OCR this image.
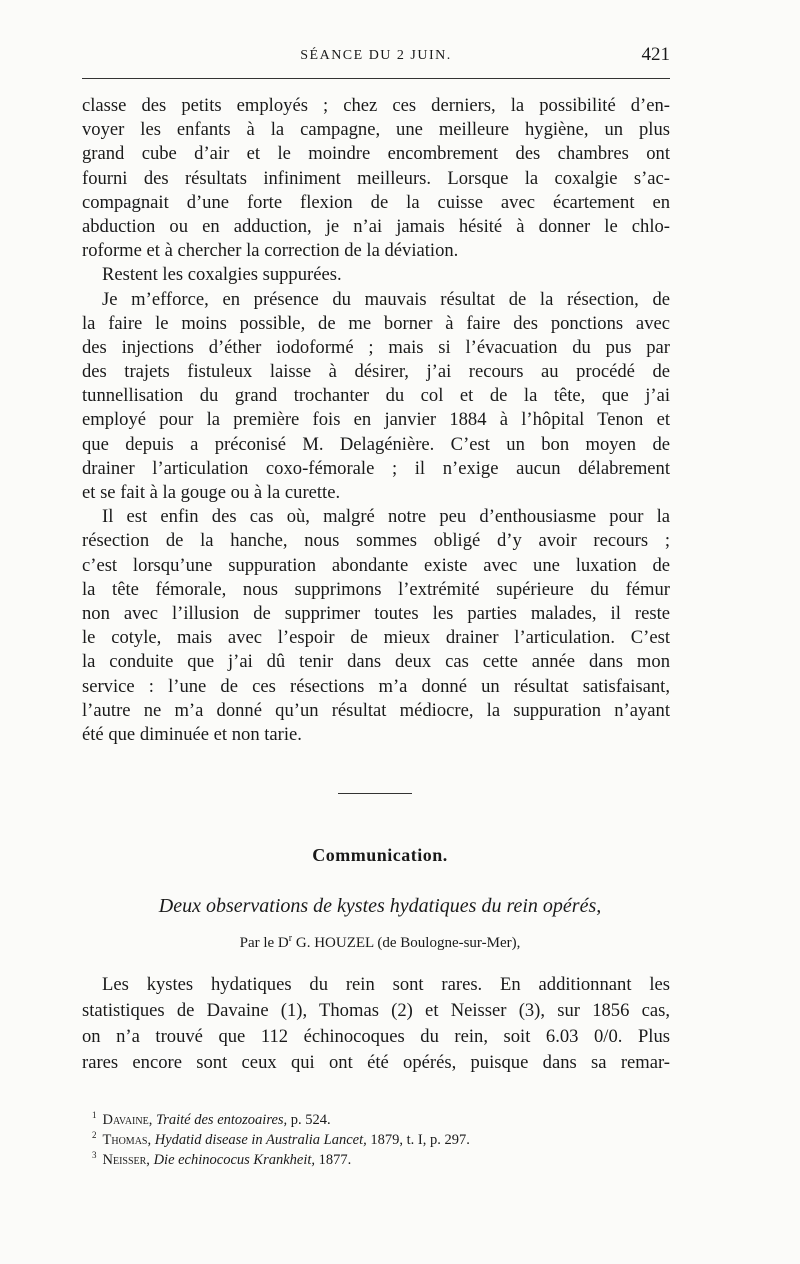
SÉANCE DU 2 JUIN.	421
classe des petits employés ; chez ces derniers, la possibilité d’en-
voyer les enfants à la campagne, une meilleure hygiène, un plus
grand cube d’air et le moindre encombrement des chambres ont
fourni des résultats infiniment meilleurs. Lorsque la coxalgie s’ac-
compagnait d’une forte flexion de la cuisse avec écartement en
abduction ou en adduction, je n’ai jamais hésité à donner le chlo-
roforme et à chercher la correction de la déviation.
Restent les coxalgies suppurées.
Je m’efforce, en présence du mauvais résultat de la résection, de
la faire le moins possible, de me borner à faire des ponctions avec
des injections d’éther iodoformé ; mais si l’évacuation du pus par
des trajets fistuleux laisse à désirer, j’ai recours au procédé de
tunnellisation du grand trochanter du col et de la tête, que j’ai
employé pour la première fois en janvier 1884 à l’hôpital Tenon et
que depuis a préconisé M. Delagénière. C’est un bon moyen de
drainer l’articulation coxo-fémorale ; il n’exige aucun délabrement
et se fait à la gouge ou à la curette.
Il est enfin des cas où, malgré notre peu d’enthousiasme pour la
résection de la hanche, nous sommes obligé d’y avoir recours ;
c’est lorsqu’une suppuration abondante existe avec une luxation de
la tête fémorale, nous supprimons l’extrémité supérieure du fémur
non avec l’illusion de supprimer toutes les parties malades, il reste
le cotyle, mais avec l’espoir de mieux drainer l’articulation. C’est
la conduite que j’ai dû tenir dans deux cas cette année dans mon
service : l’une de ces résections m’a donné un résultat satisfaisant,
l’autre ne m’a donné qu’un résultat médiocre, la suppuration n’ayant
été que diminuée et non tarie.
Communication.
Deux observations de kystes hydatiques du rein opérés,
Par le $D^r$ G. HOUZEL (de Boulogne-sur-Mer),
Les kystes hydatiques du rein sont rares. En additionnant les
statistiques de Davaine (1), Thomas (2) et Neisser (3), sur 1856 cas,
on n’a trouvé que 112 échinocoques du rein, soit 6.03 0/0. Plus
rares encore sont ceux qui ont été opérés, puisque dans sa remar-
$^1$ Davaine, Traité des entozoaires, p. 524.
$^2$ Thomas, Hydatid disease in Australia Lancet, 1879, t. I, p. 297.
$^3$ Neisser, Die echinococus Krankheit, 1877.
